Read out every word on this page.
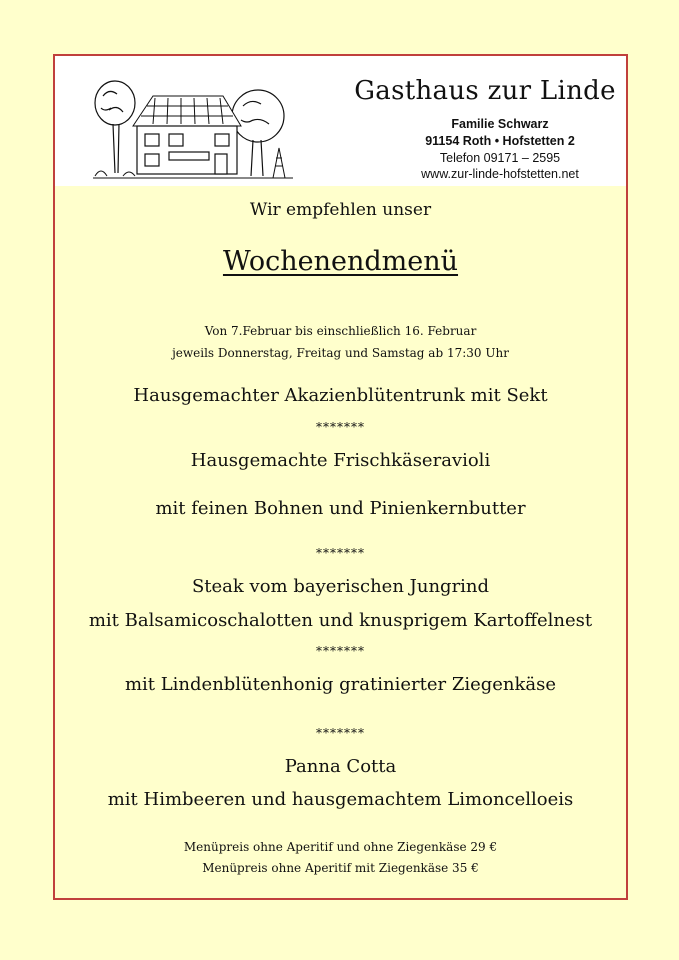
Gasthaus zur Linde
Familie Schwarz
91154 Roth • Hofstetten 2
Telefon 09171 – 2595
www.zur-linde-hofstetten.net
Wir empfehlen unser
Wochenendmenü
Von 7.Februar bis einschließlich 16. Februar
jeweils Donnerstag, Freitag und Samstag ab 17:30 Uhr
Hausgemachter Akazienblütentrunk mit Sekt
*******
Hausgemachte Frischkäseravioli
mit feinen Bohnen und Pinienkernbutter
*******
Steak vom bayerischen Jungrind
mit Balsamicoschalotten und knusprigem Kartoffelnest
*******
mit Lindenblütenhonig gratinierter Ziegenkäse
*******
Panna Cotta
mit Himbeeren und hausgemachtem Limoncelloeis
Menüpreis ohne Aperitif und ohne Ziegenkäse 29 €
Menüpreis ohne Aperitif mit Ziegenkäse 35 €
